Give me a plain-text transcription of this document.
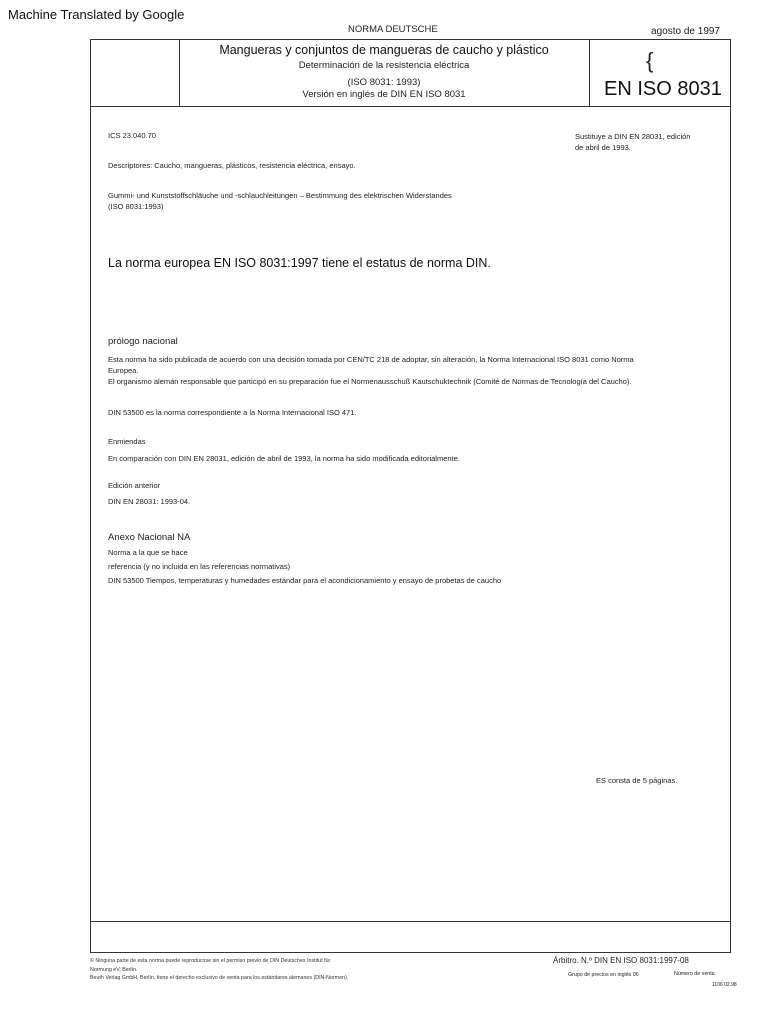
Machine Translated by Google
NORMA DEUTSCHE	agosto de 1997
Mangueras y conjuntos de mangueras de caucho y plástico
Determinación de la resistencia eléctrica
(ISO 8031: 1993)
Versión en inglés de DIN EN ISO 8031
{
EN ISO 8031
ICS 23.040.70	Sustituye a DIN EN 28031, edición
de abril de 1993.
Descriptores: Caucho, mangueras, plásticos, resistencia eléctrica, ensayo.
Gummi- und Kunststoffschläuche und -schlauchleitungen – Bestimmung des elektrischen Widerstandes
(ISO 8031:1993)
La norma europea EN ISO 8031:1997 tiene el estatus de norma DIN.
prólogo nacional
Esta norma ha sido publicada de acuerdo con una decisión tomada por CEN/TC 218 de adoptar, sin alteración, la Norma Internacional ISO 8031 como Norma
Europea.
El organismo alemán responsable que participó en su preparación fue el Normenausschuß Kautschuktechnik (Comité de Normas de Tecnología del Caucho).
DIN 53500 es la norma correspondiente a la Norma Internacional ISO 471.
Enmiendas
En comparación con DIN EN 28031, edición de abril de 1993, la norma ha sido modificada editorialmente.
Edición anterior
DIN EN 28031: 1993-04.
Anexo Nacional NA
Norma a la que se hace
referencia (y no incluida en las referencias normativas)
DIN 53500 Tiempos, temperaturas y humedades estándar para el acondicionamiento y ensayo de probetas de caucho
ES consta de 5 páginas.
© Ninguna parte de esta norma puede reproducirse sin el permiso previo de DIN Deutsches Institut für
Normung eV, Berlín.
Beuth Verlag GmbH, Berlín, tiene el derecho exclusivo de venta para los estándares alemanes (DIN-Normen).
Árbitro. N.º DIN EN ISO 8031:1997-08
Grupo de precios en inglés 06	Número de venta
1106 02.98
